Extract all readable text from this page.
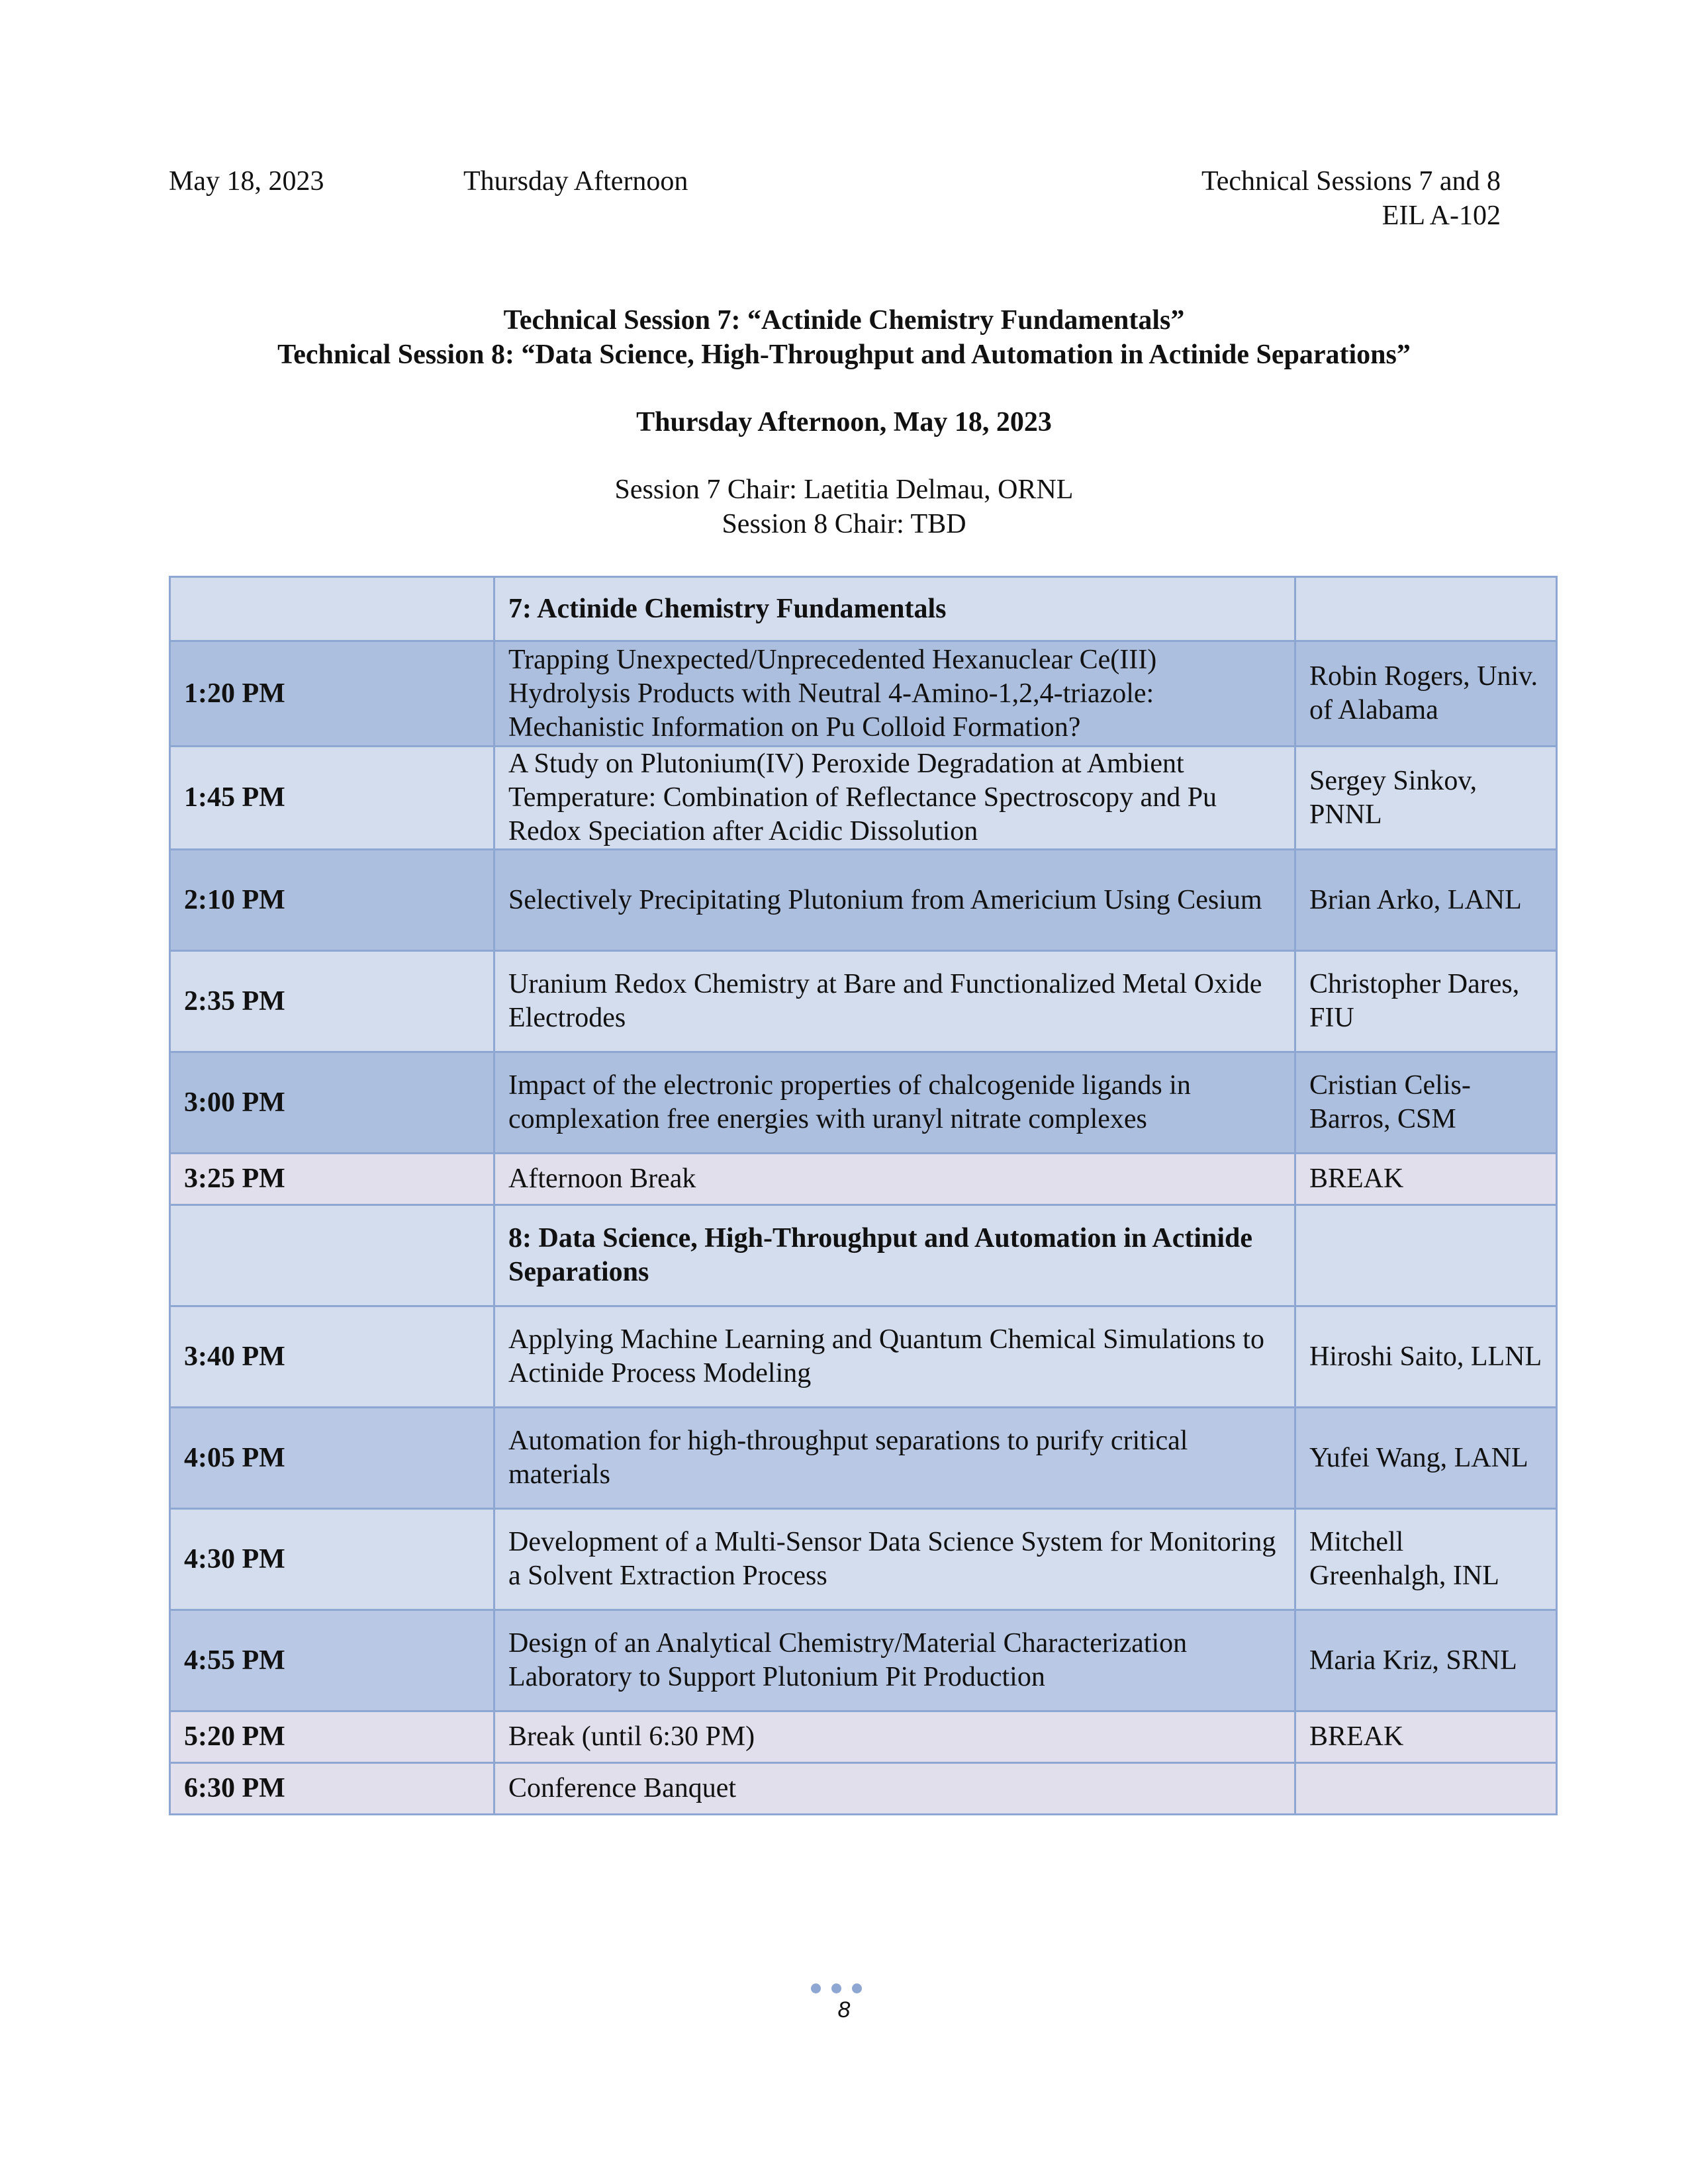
May 18, 2023	Thursday Afternoon	Technical Sessions 7 and 8
EIL A-102
Technical Session 7: “Actinide Chemistry Fundamentals”
Technical Session 8: “Data Science, High-Throughput and Automation in Actinide Separations”
Thursday Afternoon, May 18, 2023
Session 7 Chair: Laetitia Delmau, ORNL
Session 8 Chair: TBD
	7: Actinide Chemistry Fundamentals	
1:20 PM	Trapping Unexpected/Unprecedented Hexanuclear Ce(III) Hydrolysis Products with Neutral 4-Amino-1,2,4-triazole: Mechanistic Information on Pu Colloid Formation?	Robin Rogers, Univ. of Alabama
1:45 PM	A Study on Plutonium(IV) Peroxide Degradation at Ambient Temperature: Combination of Reflectance Spectroscopy and Pu Redox Speciation after Acidic Dissolution	Sergey Sinkov, PNNL
2:10 PM	Selectively Precipitating Plutonium from Americium Using Cesium	Brian Arko, LANL
2:35 PM	Uranium Redox Chemistry at Bare and Functionalized Metal Oxide Electrodes	Christopher Dares, FIU
3:00 PM	Impact of the electronic properties of chalcogenide ligands in complexation free energies with uranyl nitrate complexes	Cristian Celis-Barros, CSM
3:25 PM	Afternoon Break	BREAK
	8: Data Science, High-Throughput and Automation in Actinide Separations	
3:40 PM	Applying Machine Learning and Quantum Chemical Simulations to Actinide Process Modeling	Hiroshi Saito, LLNL
4:05 PM	Automation for high-throughput separations to purify critical materials	Yufei Wang, LANL
4:30 PM	Development of a Multi-Sensor Data Science System for Monitoring a Solvent Extraction Process	Mitchell Greenhalgh, INL
4:55 PM	Design of an Analytical Chemistry/Material Characterization Laboratory to Support Plutonium Pit Production	Maria Kriz, SRNL
5:20 PM	Break (until 6:30 PM)	BREAK
6:30 PM	Conference Banquet	
8
